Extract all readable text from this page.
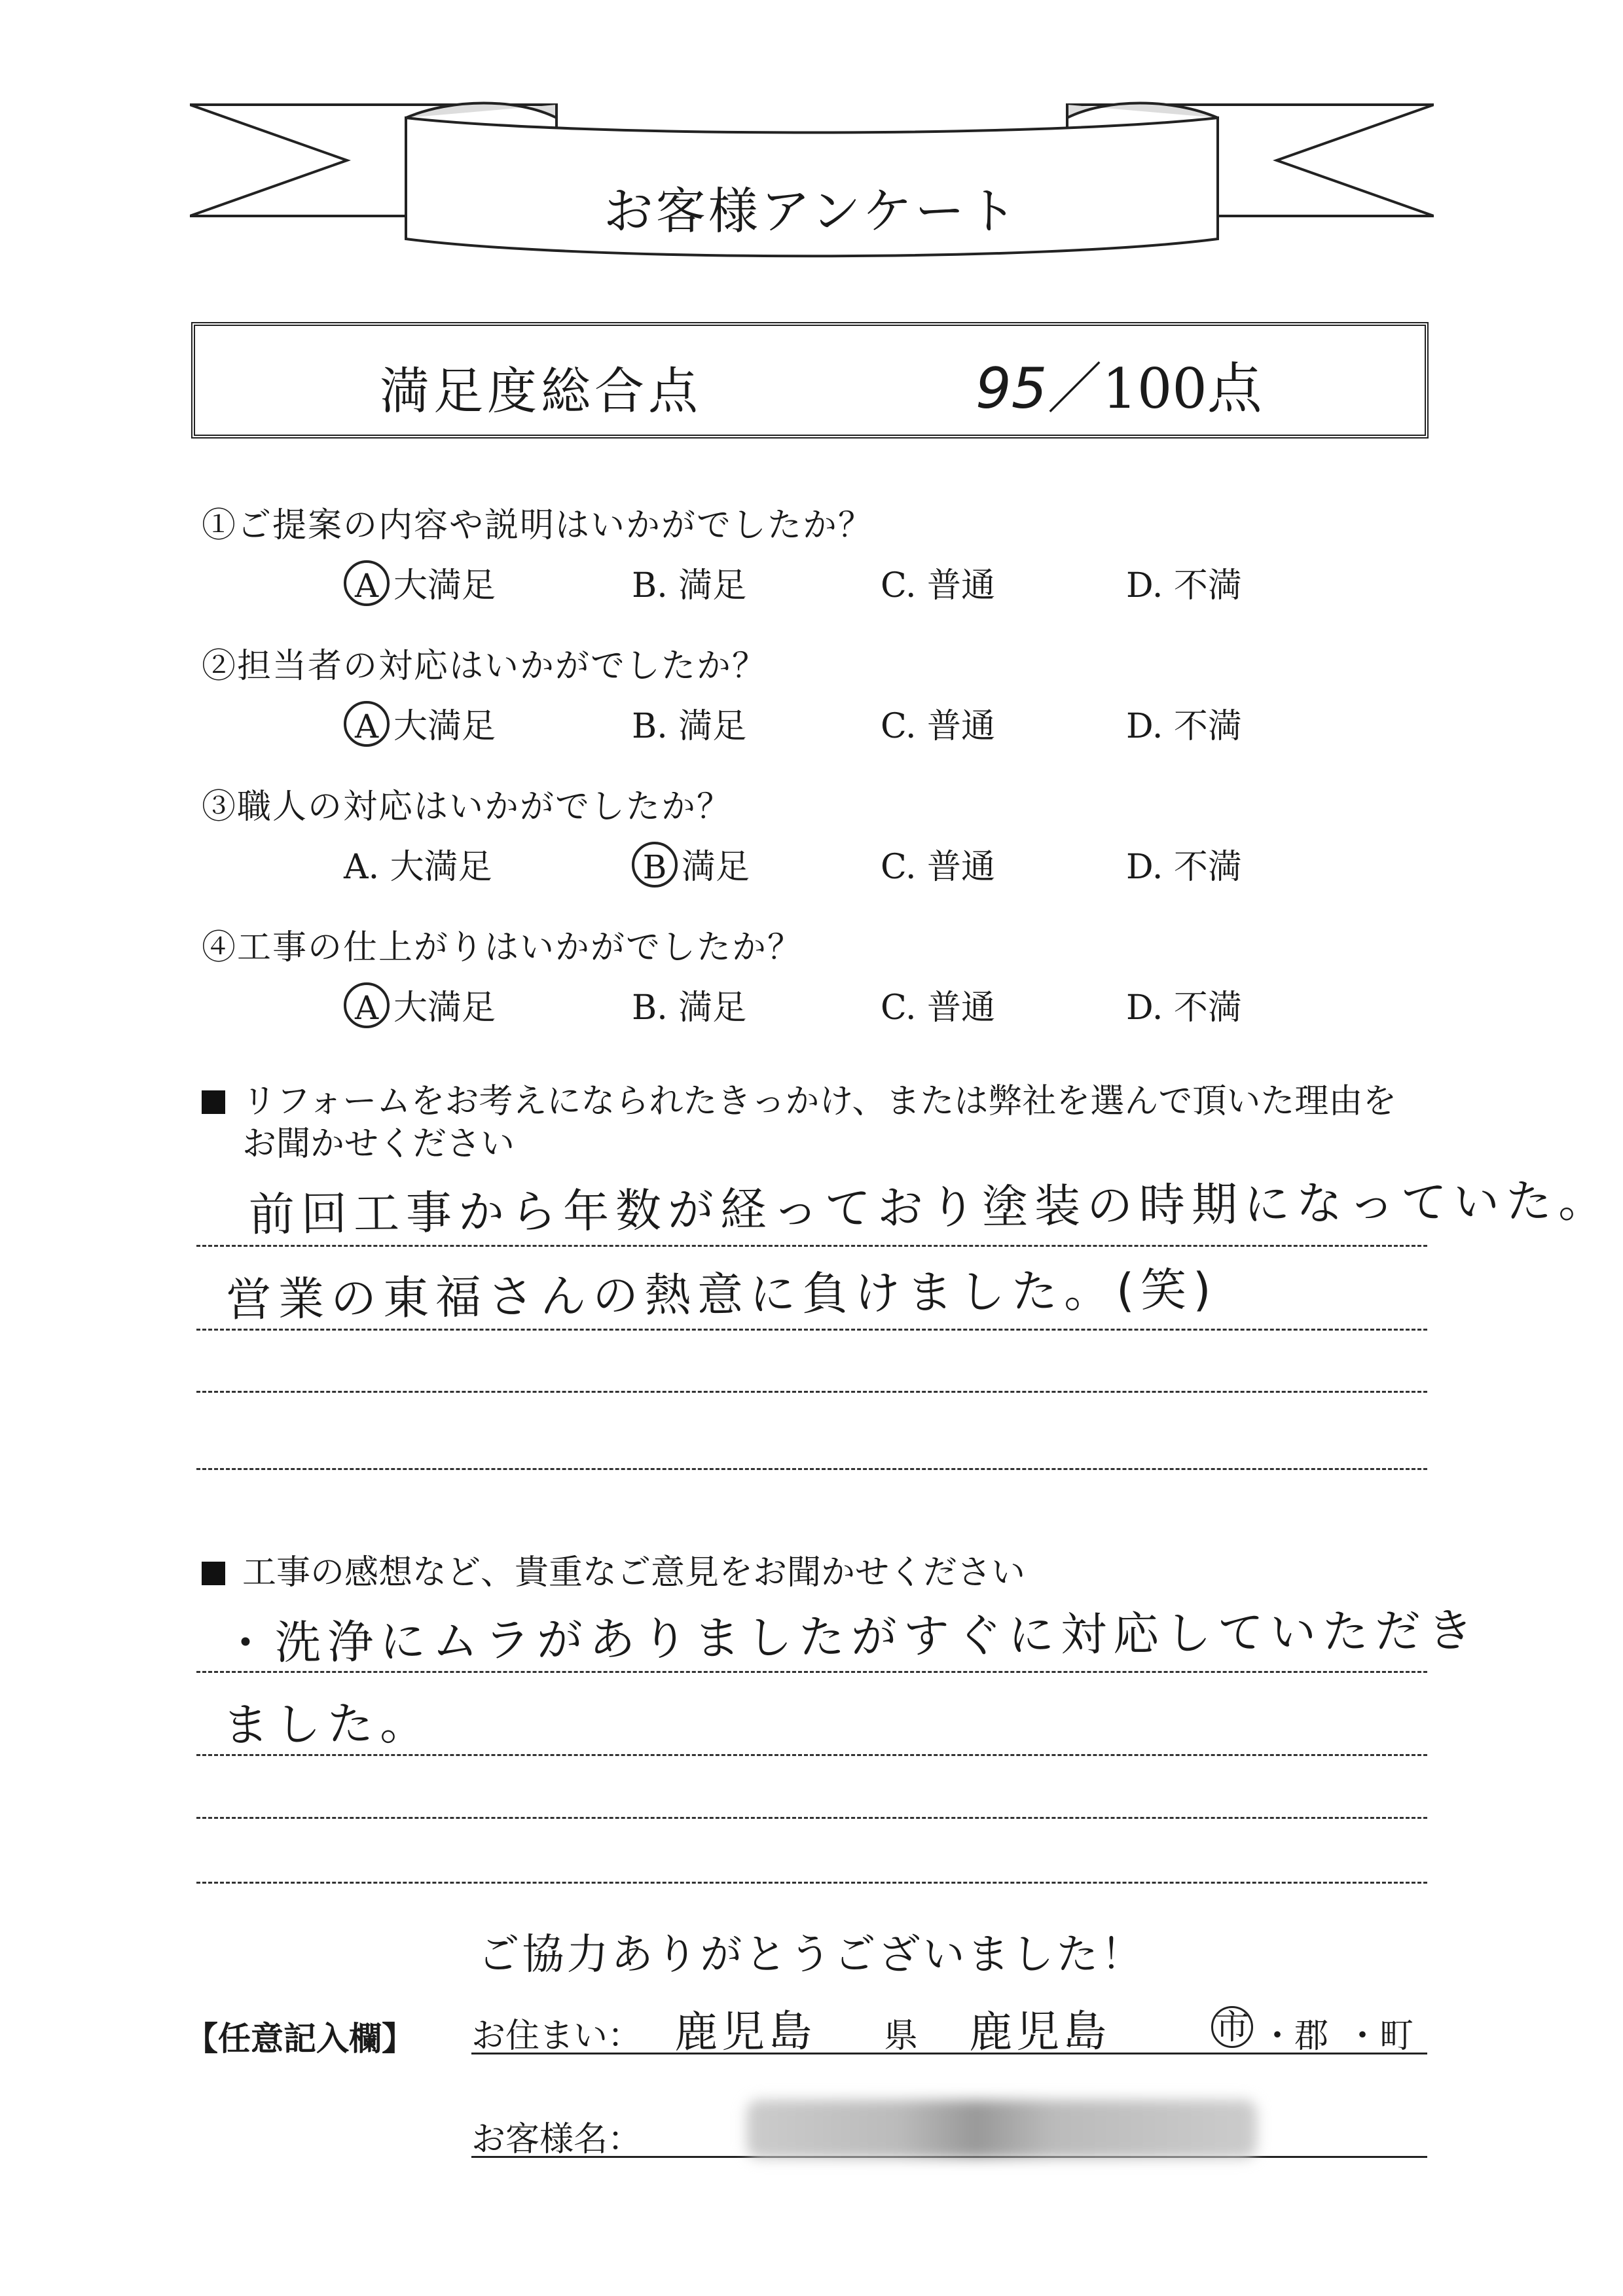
お客様アンケート
満足度総合点	95／100点
①ご提案の内容や説明はいかがでしたか？
A 大満足	B. 満足	C. 普通	D. 不満
②担当者の対応はいかがでしたか？
A 大満足	B. 満足	C. 普通	D. 不満
③職人の対応はいかがでしたか？
A. 大満足	B 満足	C. 普通	D. 不満
④工事の仕上がりはいかがでしたか？
A 大満足	B. 満足	C. 普通	D. 不満
リフォームをお考えになられたきっかけ、または弊社を選んで頂いた理由を
お聞かせください
前回工事から年数が経っており塗装の時期になっていた。
営業の東福さんの熱意に負けました。(笑)
工事の感想など、貴重なご意見をお聞かせください
・洗浄にムラがありましたがすぐに対応していただき
ました。
ご協力ありがとうございました！
【任意記入欄】 お住まい： 鹿児島 県 鹿児島	市 ・郡 ・町
お客様名：
